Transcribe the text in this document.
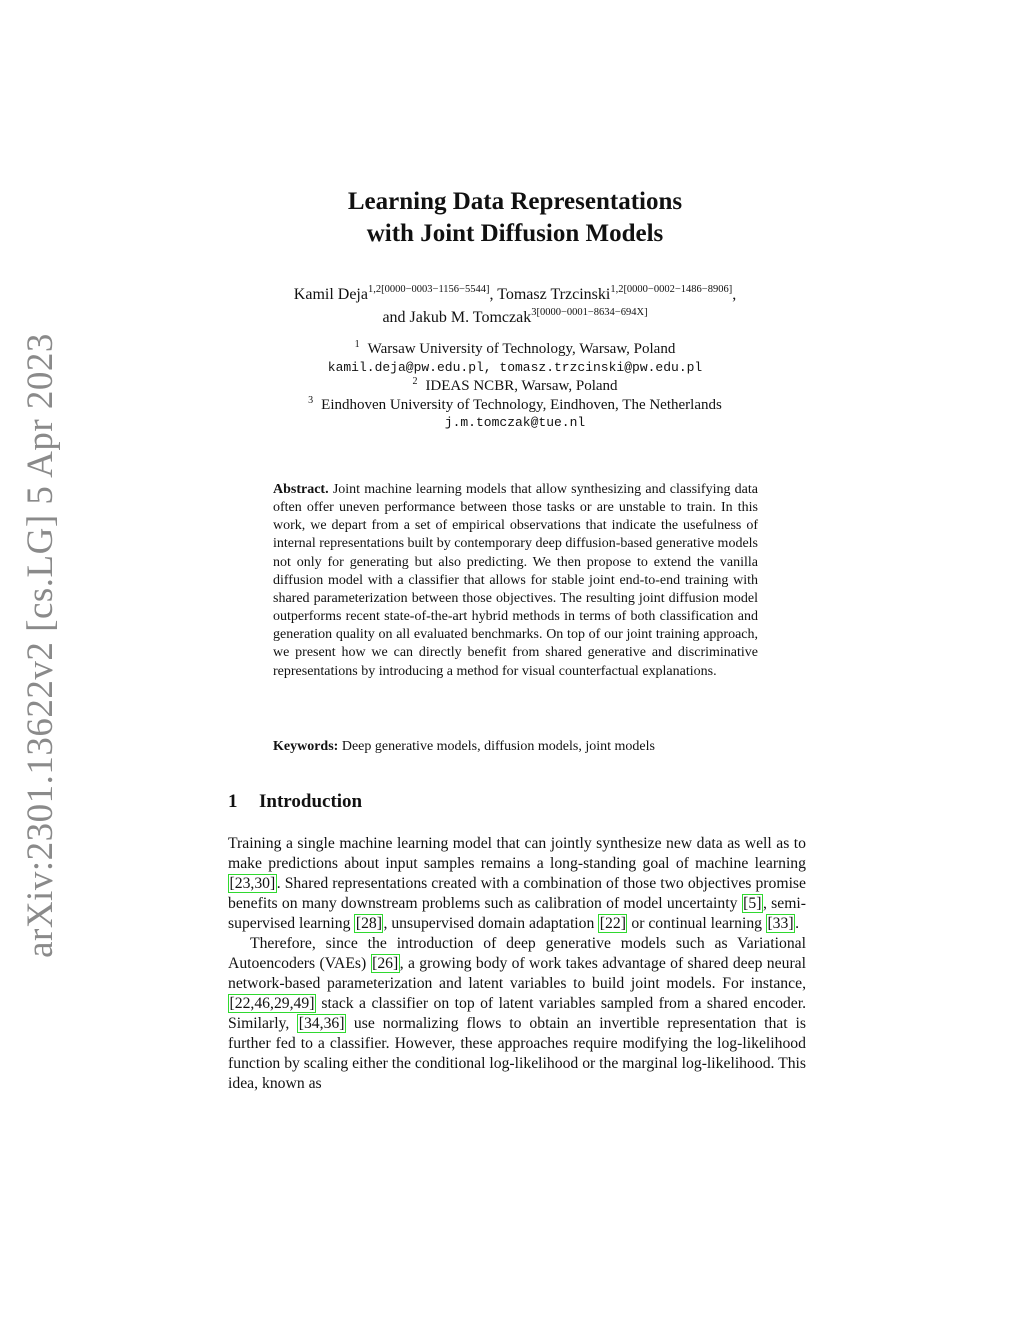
arXiv:2301.13622v2 [cs.LG] 5 Apr 2023
Learning Data Representations
with Joint Diffusion Models
Kamil Deja$^{1,2[0000-0003-1156-5544]}$, Tomasz Trzcinski$^{1,2[0000-0002-1486-8906]}$,
and Jakub M. Tomczak$^{3[0000-0001-8634-694X]}$
$^1$ Warsaw University of Technology, Warsaw, Poland
kamil.deja@pw.edu.pl, tomasz.trzcinski@pw.edu.pl
$^2$ IDEAS NCBR, Warsaw, Poland
$^3$ Eindhoven University of Technology, Eindhoven, The Netherlands
j.m.tomczak@tue.nl
Abstract. Joint machine learning models that allow synthesizing and classifying data often offer uneven performance between those tasks or are unstable to train. In this work, we depart from a set of empirical observations that indicate the usefulness of internal representations built by contemporary deep diffusion-based generative models not only for generating but also predicting. We then propose to extend the vanilla diffusion model with a classifier that allows for stable joint end-to-end training with shared parameterization between those objectives. The resulting joint diffusion model outperforms recent state-of-the-art hybrid methods in terms of both classification and generation quality on all evaluated benchmarks. On top of our joint training approach, we present how we can directly benefit from shared generative and discriminative representations by introducing a method for visual counterfactual explanations.
Keywords: Deep generative models, diffusion models, joint models
1 Introduction

Training a single machine learning model that can jointly synthesize new data as well as to make predictions about input samples remains a long-standing goal of machine learning [23,30]. Shared representations created with a combination of those two objectives promise benefits on many downstream problems such as calibration of model uncertainty [5], semi-supervised learning [28], unsupervised domain adaptation [22] or continual learning [33].

Therefore, since the introduction of deep generative models such as Variational Autoencoders (VAEs) [26], a growing body of work takes advantage of shared deep neural network-based parameterization and latent variables to build joint models. For instance, [22,46,29,49] stack a classifier on top of latent variables sampled from a shared encoder. Similarly, [34,36] use normalizing flows to obtain an invertible representation that is further fed to a classifier. However, these approaches require modifying the log-likelihood function by scaling either the conditional log-likelihood or the marginal log-likelihood. This idea, known as
